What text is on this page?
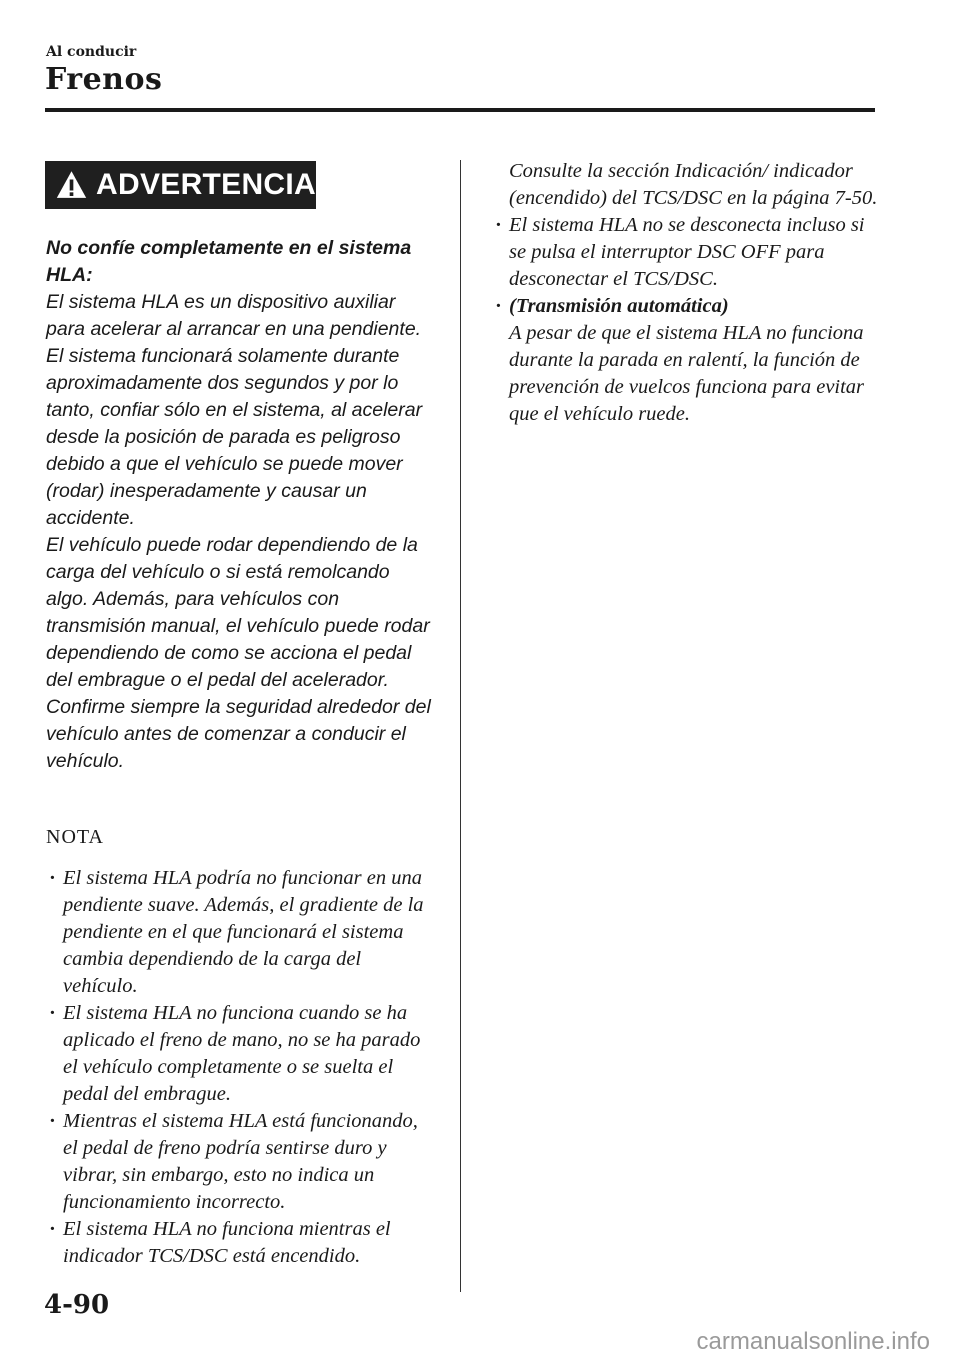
Al conducir
Frenos
ADVERTENCIA

No confíe completamente en el sistema HLA:

El sistema HLA es un dispositivo auxiliar para acelerar al arrancar en una pendiente. El sistema funcionará solamente durante aproximadamente dos segundos y por lo tanto, confiar sólo en el sistema, al acelerar desde la posición de parada es peligroso debido a que el vehículo se puede mover (rodar) inesperadamente y causar un accidente.

El vehículo puede rodar dependiendo de la carga del vehículo o si está remolcando algo. Además, para vehículos con transmisión manual, el vehículo puede rodar dependiendo de como se acciona el pedal del embrague o el pedal del acelerador.

Confirme siempre la seguridad alrededor del vehículo antes de comenzar a conducir el vehículo.

NOTA
· El sistema HLA podría no funcionar en una pendiente suave. Además, el gradiente de la pendiente en el que funcionará el sistema cambia dependiendo de la carga del vehículo.
· El sistema HLA no funciona cuando se ha aplicado el freno de mano, no se ha parado el vehículo completamente o se suelta el pedal del embrague.
· Mientras el sistema HLA está funcionando, el pedal de freno podría sentirse duro y vibrar, sin embargo, esto no indica un funcionamiento incorrecto.
· El sistema HLA no funciona mientras el indicador TCS/DSC está encendido.

Consulte la sección Indicación/ indicador (encendido) del TCS/DSC en la página 7-50.

· El sistema HLA no se desconecta incluso si se pulsa el interruptor DSC OFF para desconectar el TCS/DSC.
· (Transmisión automática)
A pesar de que el sistema HLA no funciona durante la parada en ralentí, la función de prevención de vuelcos funciona para evitar que el vehículo ruede.
4-90
carmanualsonline.info
